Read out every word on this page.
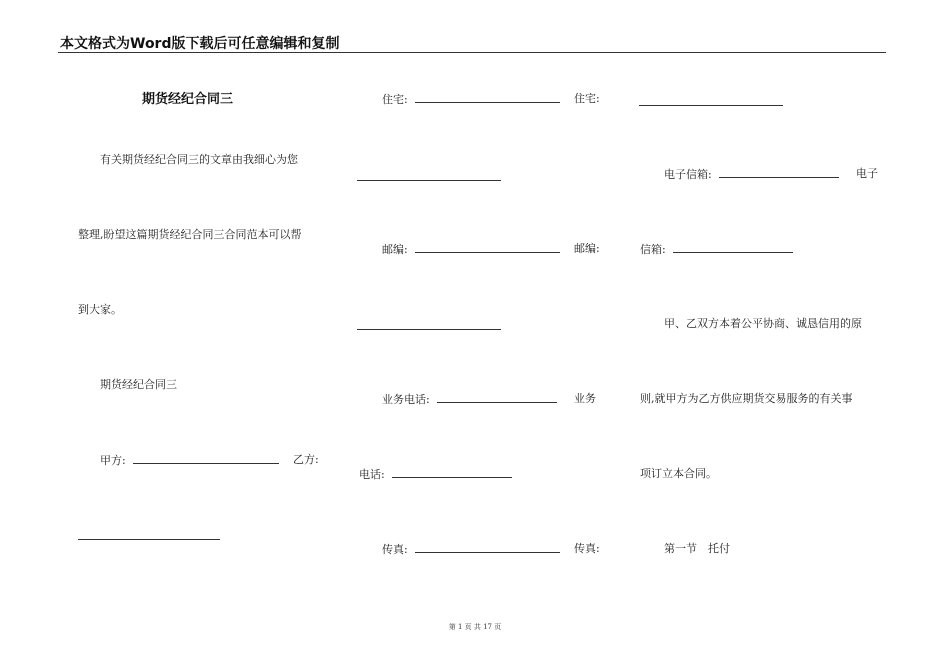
本文格式为Word版下载后可任意编辑和复制
期货经纪合同三
有关期货经纪合同三的文章由我细心为您
整理,盼望这篇期货经纪合同三合同范本可以帮
到大家。
期货经纪合同三
甲方:	乙方:
住宅:	住宅:
邮编:	邮编:
业务电话:	业务
电话:
传真:	传真:
电子信箱:	电子
信箱:
甲、乙双方本着公平协商、诚恳信用的原
则,就甲方为乙方供应期货交易服务的有关事
项订立本合同。
第一节　托付
第 1 页 共 17 页
